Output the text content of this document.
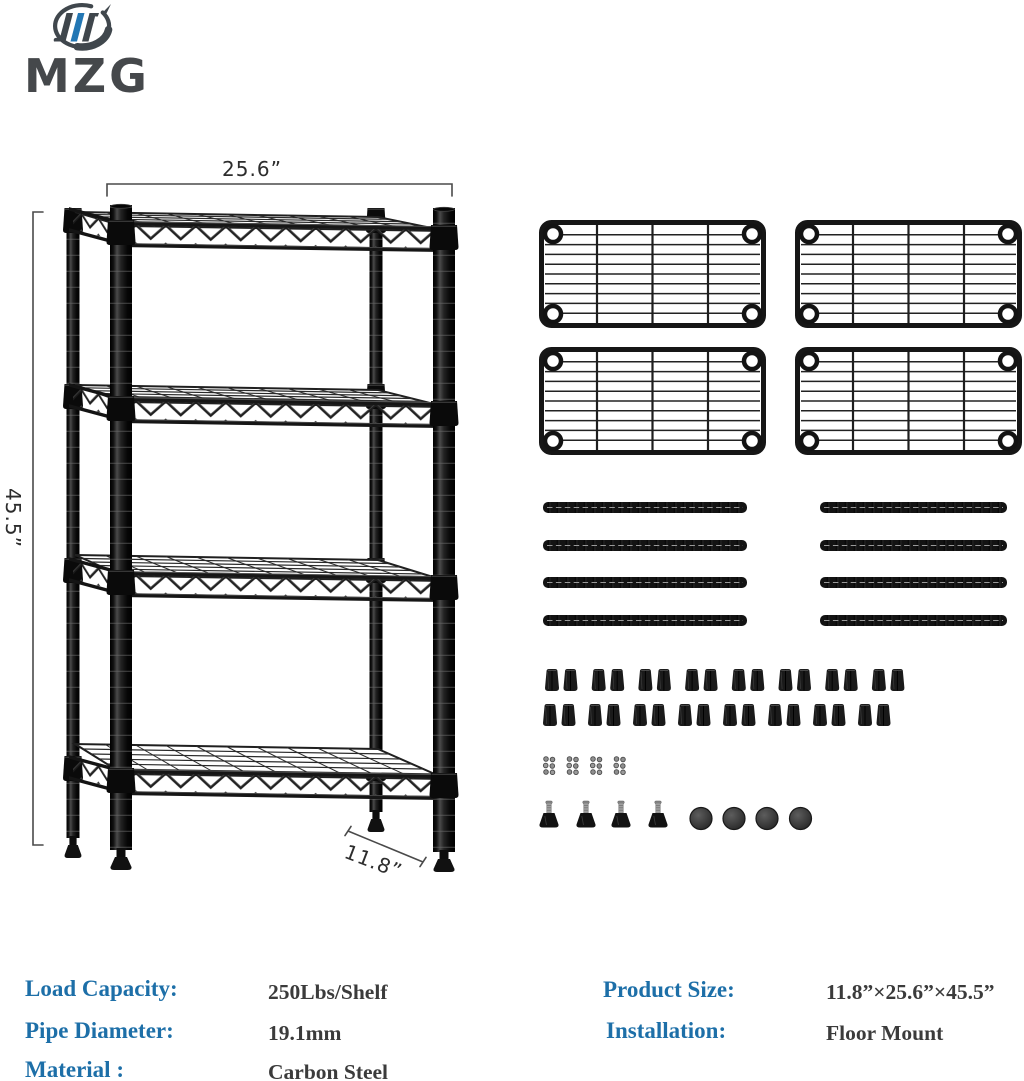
MZG
25.6”
45.5”
11.8”
Load Capacity:	250Lbs/Shelf
Pipe Diameter:	19.1mm
Material :	Carbon Steel
Product Size:	11.8”×25.6”×45.5”
Installation:	Floor Mount
